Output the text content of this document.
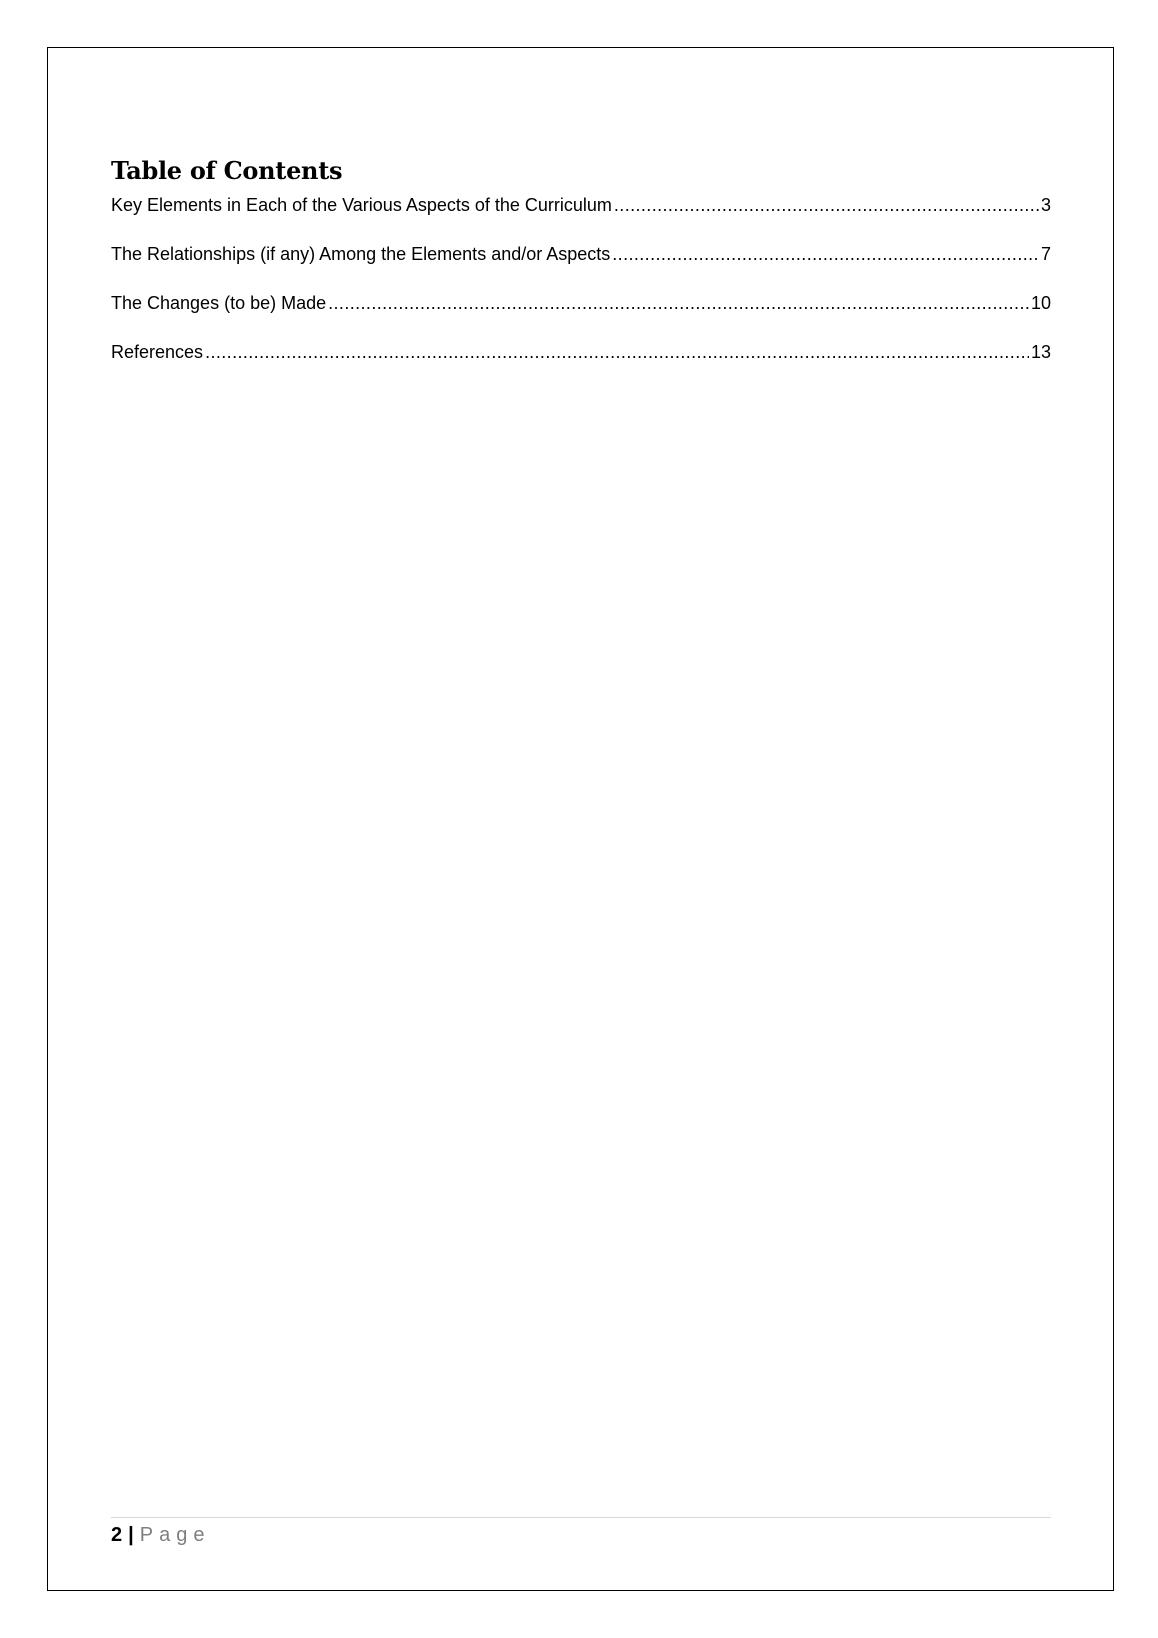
Table of Contents
Key Elements in Each of the Various Aspects of the Curriculum .....	3
The Relationships (if any) Among the Elements and/or Aspects .....	7
The Changes (to be) Made .....	10
References .....	13
2 | Page
